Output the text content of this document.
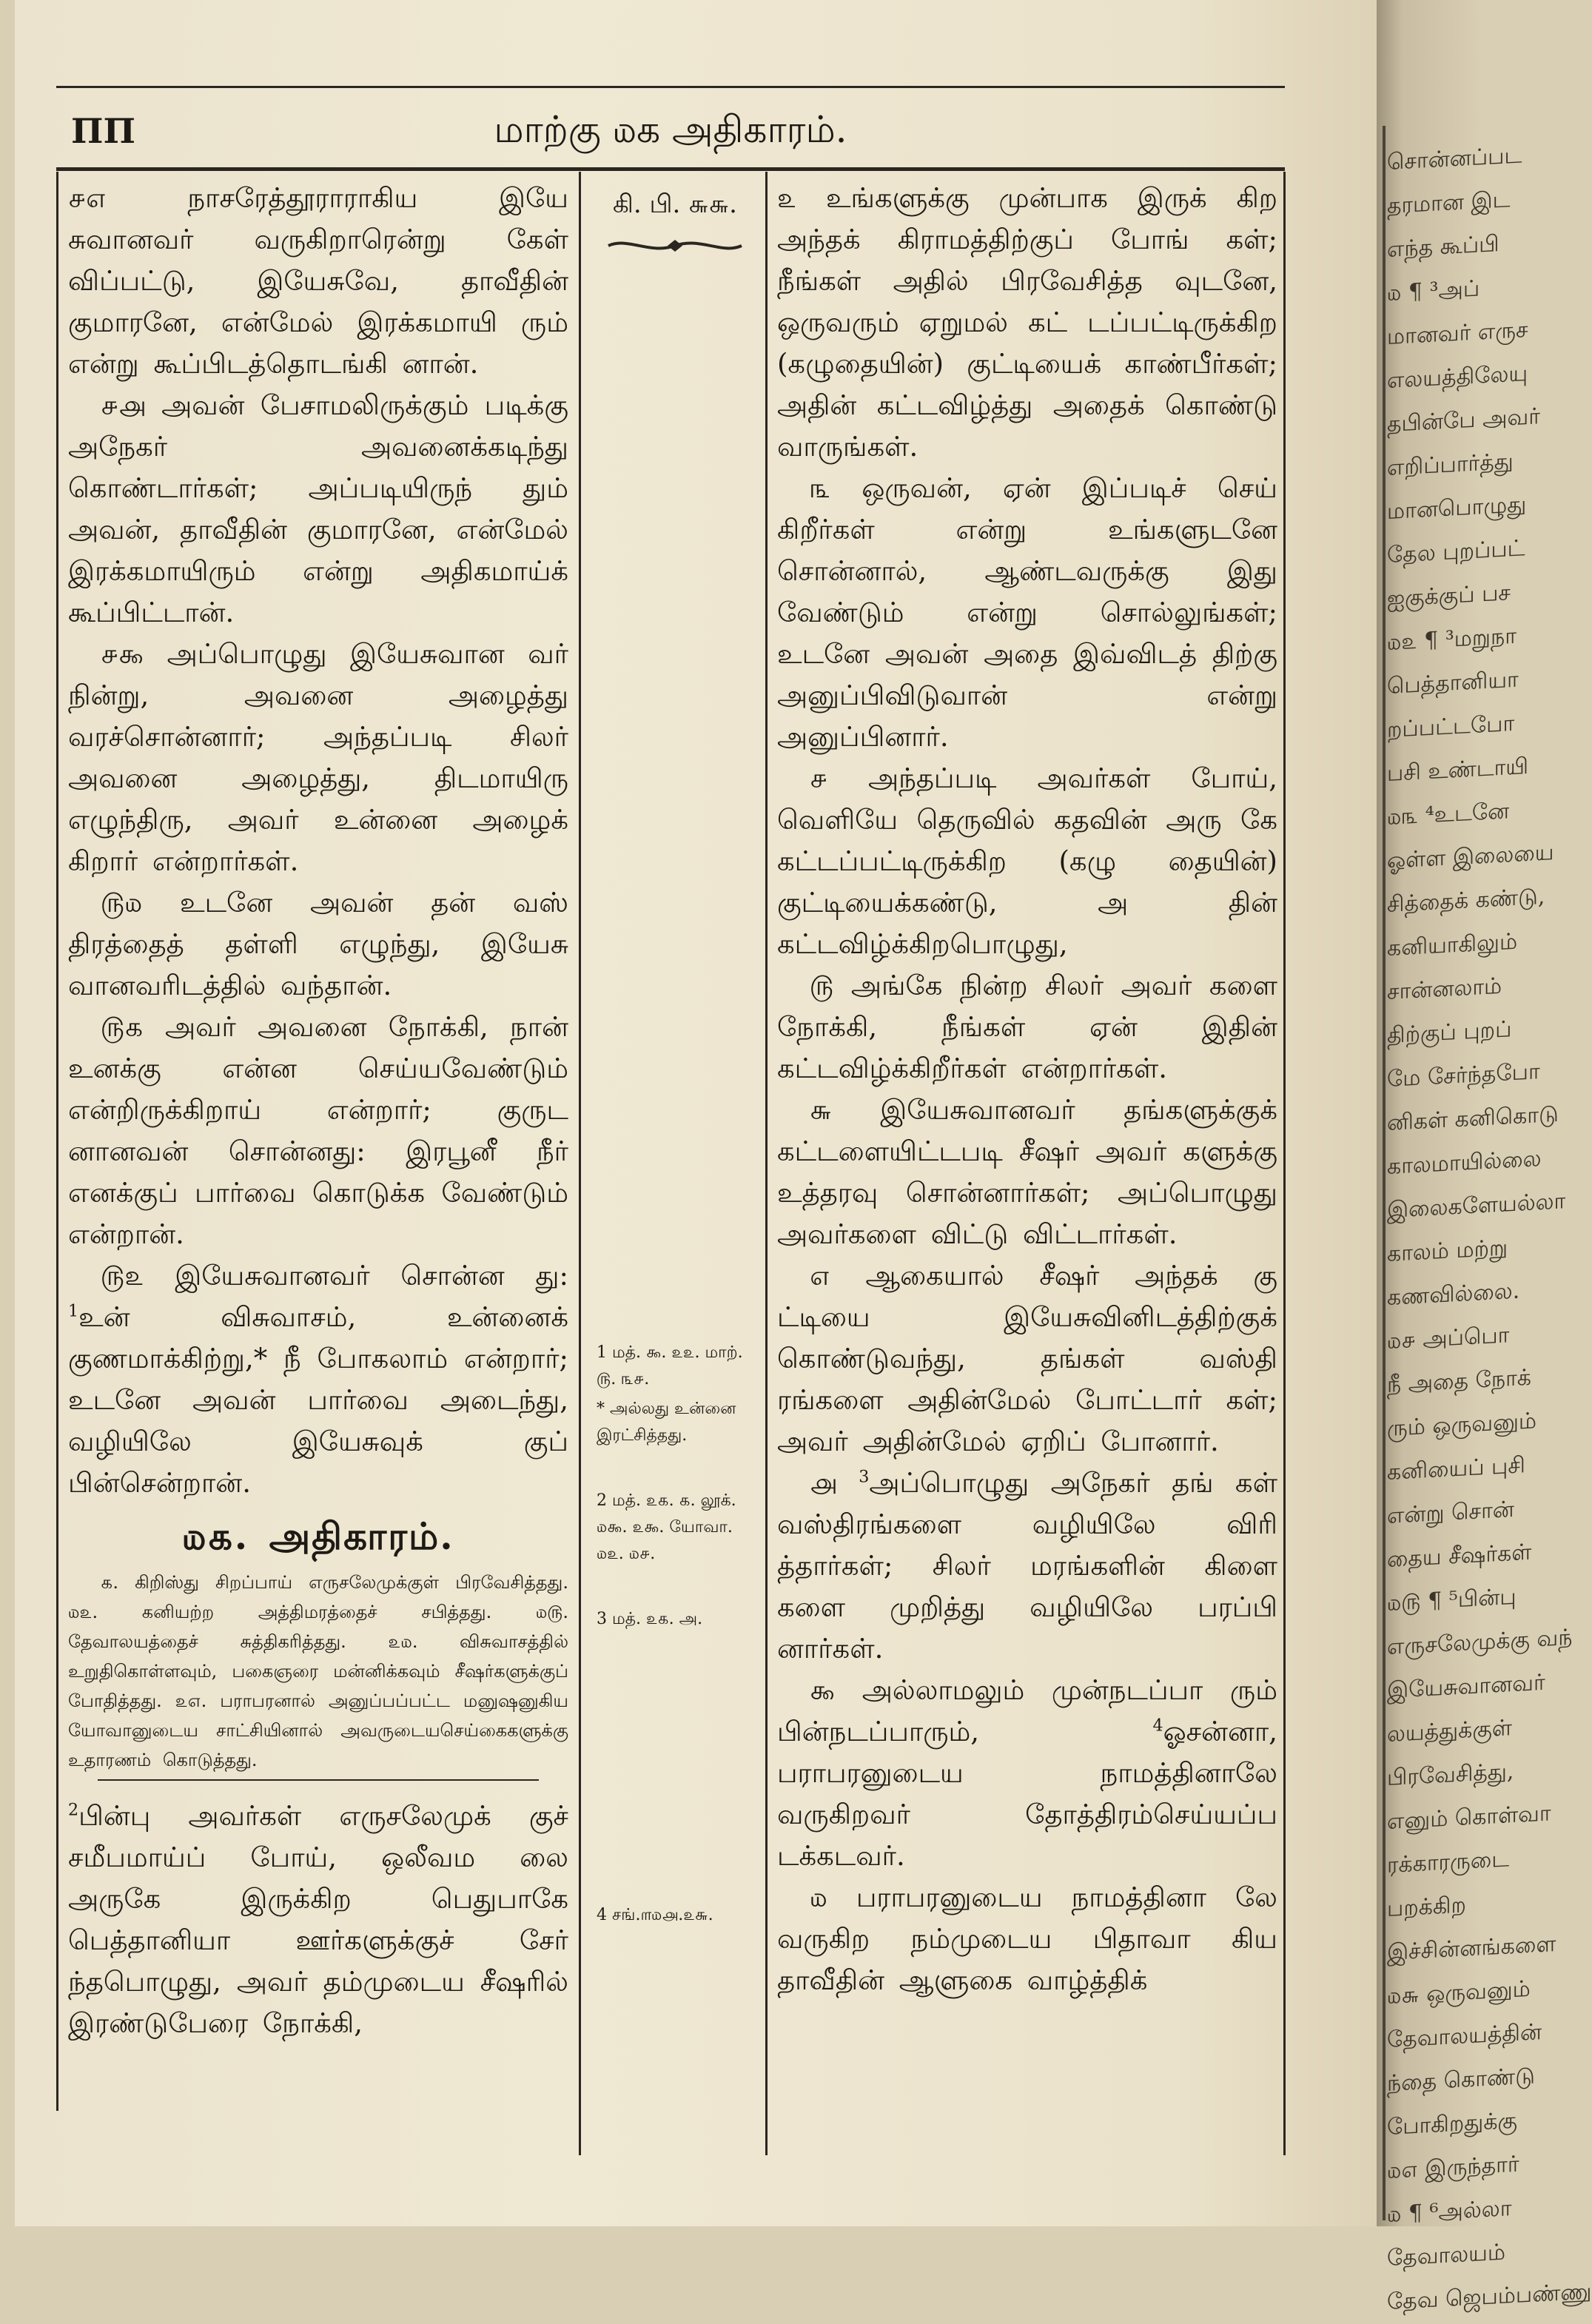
ПП	மாற்கு ௰க அதிகாரம்.

௪௭ நாசரேத்தூராராகிய இயே சுவானவர் வருகிறாரென்று கேள் விப்பட்டு, இயேசுவே, தாவீதின் குமாரனே, என்மேல் இரக்கமாயி ரும் என்று கூப்பிடத்தொடங்கி னான்.

௪௮ அவன் பேசாமலிருக்கும் படிக்கு அநேகர் அவனைக்கடிந்து கொண்டார்கள்; அப்படியிருந் தும் அவன், தாவீதின் குமாரனே, என்மேல் இரக்கமாயிரும் என்று அதிகமாய்க் கூப்பிட்டான்.

௪௯ அப்பொழுது இயேசுவான வர் நின்று, அவனை அழைத்து வரச்சொன்னார்; அந்தப்படி சிலர் அவனை அழைத்து, திடமாயிரு எழுந்திரு, அவர் உன்னை அழைக் கிறார் என்றார்கள்.

௫௰ உடனே அவன் தன் வஸ் திரத்தைத் தள்ளி எழுந்து, இயேசு வானவரிடத்தில் வந்தான்.

௫௧ அவர் அவனை நோக்கி, நான் உனக்கு என்ன செய்யவேண்டும் என்றிருக்கிறாய் என்றார்; குருட னானவன் சொன்னது: இரபூனீ நீர் எனக்குப் பார்வை கொடுக்க வேண்டும் என்றான்.

௫௨ இயேசுவானவர் சொன்ன து: $^1$உன் விசுவாசம், உன்னைக் குணமாக்கிற்று,* நீ போகலாம் என்றார்; உடனே அவன் பார்வை அடைந்து, வழியிலே இயேசுவுக் குப் பின்சென்றான்.

௰௧. அதிகாரம்.

௧. கிறிஸ்து சிறப்பாய் எருசலேமுக்குள் பிரவேசித்தது. ௰௨. கனியற்ற அத்திமரத்தைச் சபித்தது. ௰௫. தேவாலயத்தைச் சுத்திகரித்தது. ௨௰. விசுவாசத்தில் உறுதிகொள்ளவும், பகைஞரை மன்னிக்கவும் சீஷர்களுக்குப் போதித்தது. ௨௭. பராபரனால் அனுப்பப்பட்ட மனுஷனுகிய யோவானுடைய சாட்சியினால் அவருடையசெய்கைகளுக்கு உதாரணம் கொடுத்தது.

$^2$பின்பு அவர்கள் எருசலேமுக் குச் சமீபமாய்ப் போய், ஒலீவம லை அருகே இருக்கிற பெதுபாகே பெத்தானியா ஊர்களுக்குச் சேர் ந்தபொழுது, அவர் தம்முடைய சீஷரில் இரண்டுபேரை நோக்கி,

கி. பி. ௬௬.
1 மத். ௯. ௨௨. மாற். ௫. ௩௪.
* அல்லது உன்னை இரட்சித்தது.
2 மத். ௨௧. ௧. லூக். ௰௯. ௨௯. யோவா. ௰௨. ௰௪.
3 மத். ௨௧. அ.
4 சங்.௱௰௮.௨௬.

௨ உங்களுக்கு முன்பாக இருக் கிற அந்தக் கிராமத்திற்குப் போங் கள்; நீங்கள் அதில் பிரவேசித்த வுடனே, ஒருவரும் ஏறுமல் கட் டப்பட்டிருக்கிற (கழுதையின்) குட்டியைக் காண்பீர்கள்; அதின் கட்டவிழ்த்து அதைக் கொண்டு வாருங்கள்.

௩ ஒருவன், ஏன் இப்படிச் செய் கிறீர்கள் என்று உங்களுடனே சொன்னால், ஆண்டவருக்கு இது வேண்டும் என்று சொல்லுங்கள்; உடனே அவன் அதை இவ்விடத் திற்கு அனுப்பிவிடுவான் என்று அனுப்பினார்.

௪ அந்தப்படி அவர்கள் போய், வெளியே தெருவில் கதவின் அரு கே கட்டப்பட்டிருக்கிற (கழு தையின்) குட்டியைக்கண்டு, அ தின் கட்டவிழ்க்கிறபொழுது,

௫ அங்கே நின்ற சிலர் அவர் களை நோக்கி, நீங்கள் ஏன் இதின் கட்டவிழ்க்கிறீர்கள் என்றார்கள்.

௬ இயேசுவானவர் தங்களுக்குக் கட்டளையிட்டபடி சீஷர் அவர் களுக்கு உத்தரவு சொன்னார்கள்; அப்பொழுது அவர்களை விட்டு விட்டார்கள்.

௭ ஆகையால் சீஷர் அந்தக் கு ட்டியை இயேசுவினிடத்திற்குக் கொண்டுவந்து, தங்கள் வஸ்தி ரங்களை அதின்மேல் போட்டார் கள்; அவர் அதின்மேல் ஏறிப் போனார்.

௮ $^3$அப்பொழுது அநேகர் தங் கள் வஸ்திரங்களை வழியிலே விரி த்தார்கள்; சிலர் மரங்களின் கிளை களை முறித்து வழியிலே பரப்பி னார்கள்.

௯ அல்லாமலும் முன்நடப்பா ரும் பின்நடப்பாரும், $^4$ஓசன்னா, பராபரனுடைய நாமத்தினாலே வருகிறவர் தோத்திரம்செய்யப்ப டக்கடவர்.

௰ பராபரனுடைய நாமத்தினா லே வருகிற நம்முடைய பிதாவா கிய தாவீதின் ஆளுகை வாழ்த்திக்

சொன்னப்பட
தரமான இட
எந்த கூப்பி
௰ ¶ ³அப்
மானவர் எருச
எலயத்திலேயு
தபின்பே அவர்
எறிப்பார்த்து
மானபொழுது
தேல புறப்பட்
ஐகுக்குப் பச
௰௨ ¶ ³மறுநா
பெத்தானியா
றப்பட்டபோ
பசி உண்டாயி
௰௩ ⁴உடனே
ஓள்ள இலையை
சித்தைக் கண்டு,
கனியாகிலும்
சான்னலாம்
திற்குப் புறப்
மே சேர்ந்தபோ
னிகள் கனிகொடு
காலமாயில்லை
இலைகளேயல்லா
காலம் மற்று
கணவில்லை.
௰௪ அப்பொ
நீ அதை நோக்
ரும் ஒருவனும்
கனியைப் புசி
என்று சொன்
தைய சீஷர்கள்
௰௫ ¶ ⁵பின்பு
எருசலேமுக்கு வந்
இயேசுவானவர்
லயத்துக்குள்
பிரவேசித்து,
எனும் கொள்வா
ரக்காரருடை
பறக்கிற
இச்சின்னங்களை
௰௬ ஒருவனும்
தேவாலயத்தின்
ந்தை கொண்டு
போகிறதுக்கு
௰௭ இருந்தார்
௰ ¶ ⁶அல்லா
தேவாலயம்
தேவ ஜெபம்பண்ணு
